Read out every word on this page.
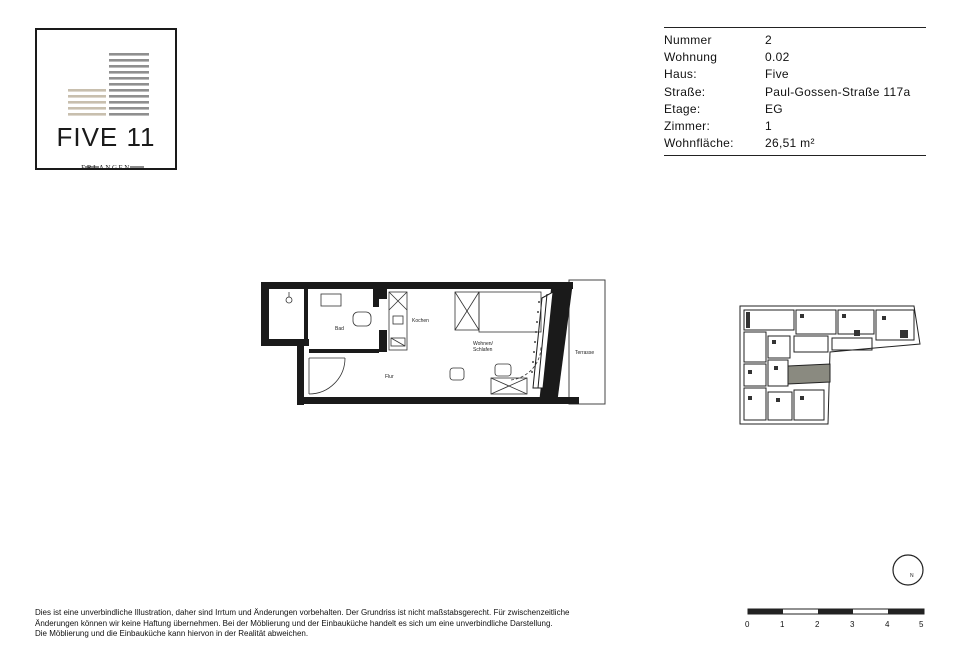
FIVE 11
ERLANGEN
Nummer	2
Wohnung	0.02
Haus:	Five
Straße:	Paul-Gossen-Straße 117a
Etage:	EG
Zimmer:	1
Wohnfläche:	26,51 m²
Bad
Kochen
Wohnen/
Schlafen
Flur
Terrasse
N
Dies ist eine unverbindliche Illustration, daher sind Irrtum und Änderungen vorbehalten. Der Grundriss ist nicht maßstabsgerecht. Für zwischenzeitliche
Änderungen können wir keine Haftung übernehmen. Bei der Möblierung und der Einbauküche handelt es sich um eine unverbindliche Darstellung.
Die Möblierung und die Einbauküche kann hiervon in der Realität abweichen.
0	1	2	3	4	5
